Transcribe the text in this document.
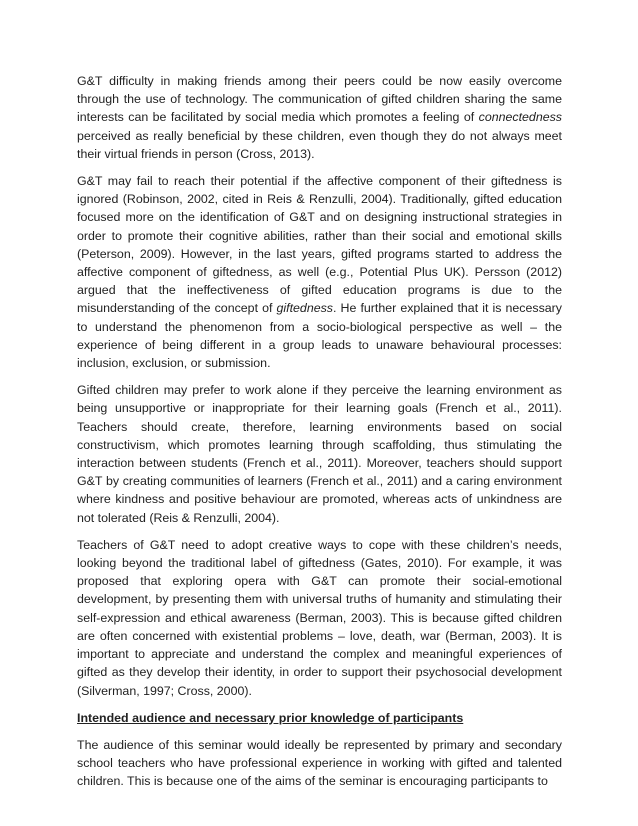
G&T difficulty in making friends among their peers could be now easily overcome through the use of technology. The communication of gifted children sharing the same interests can be facilitated by social media which promotes a feeling of connectedness perceived as really beneficial by these children, even though they do not always meet their virtual friends in person (Cross, 2013).

G&T may fail to reach their potential if the affective component of their giftedness is ignored (Robinson, 2002, cited in Reis & Renzulli, 2004). Traditionally, gifted education focused more on the identification of G&T and on designing instructional strategies in order to promote their cognitive abilities, rather than their social and emotional skills (Peterson, 2009). However, in the last years, gifted programs started to address the affective component of giftedness, as well (e.g., Potential Plus UK). Persson (2012) argued that the ineffectiveness of gifted education programs is due to the misunderstanding of the concept of giftedness. He further explained that it is necessary to understand the phenomenon from a socio-biological perspective as well – the experience of being different in a group leads to unaware behavioural processes: inclusion, exclusion, or submission.

Gifted children may prefer to work alone if they perceive the learning environment as being unsupportive or inappropriate for their learning goals (French et al., 2011). Teachers should create, therefore, learning environments based on social constructivism, which promotes learning through scaffolding, thus stimulating the interaction between students (French et al., 2011). Moreover, teachers should support G&T by creating communities of learners (French et al., 2011) and a caring environment where kindness and positive behaviour are promoted, whereas acts of unkindness are not tolerated (Reis & Renzulli, 2004).

Teachers of G&T need to adopt creative ways to cope with these children’s needs, looking beyond the traditional label of giftedness (Gates, 2010). For example, it was proposed that exploring opera with G&T can promote their social-emotional development, by presenting them with universal truths of humanity and stimulating their self-expression and ethical awareness (Berman, 2003). This is because gifted children are often concerned with existential problems – love, death, war (Berman, 2003). It is important to appreciate and understand the complex and meaningful experiences of gifted as they develop their identity, in order to support their psychosocial development (Silverman, 1997; Cross, 2000).

Intended audience and necessary prior knowledge of participants

The audience of this seminar would ideally be represented by primary and secondary school teachers who have professional experience in working with gifted and talented children. This is because one of the aims of the seminar is encouraging participants to
